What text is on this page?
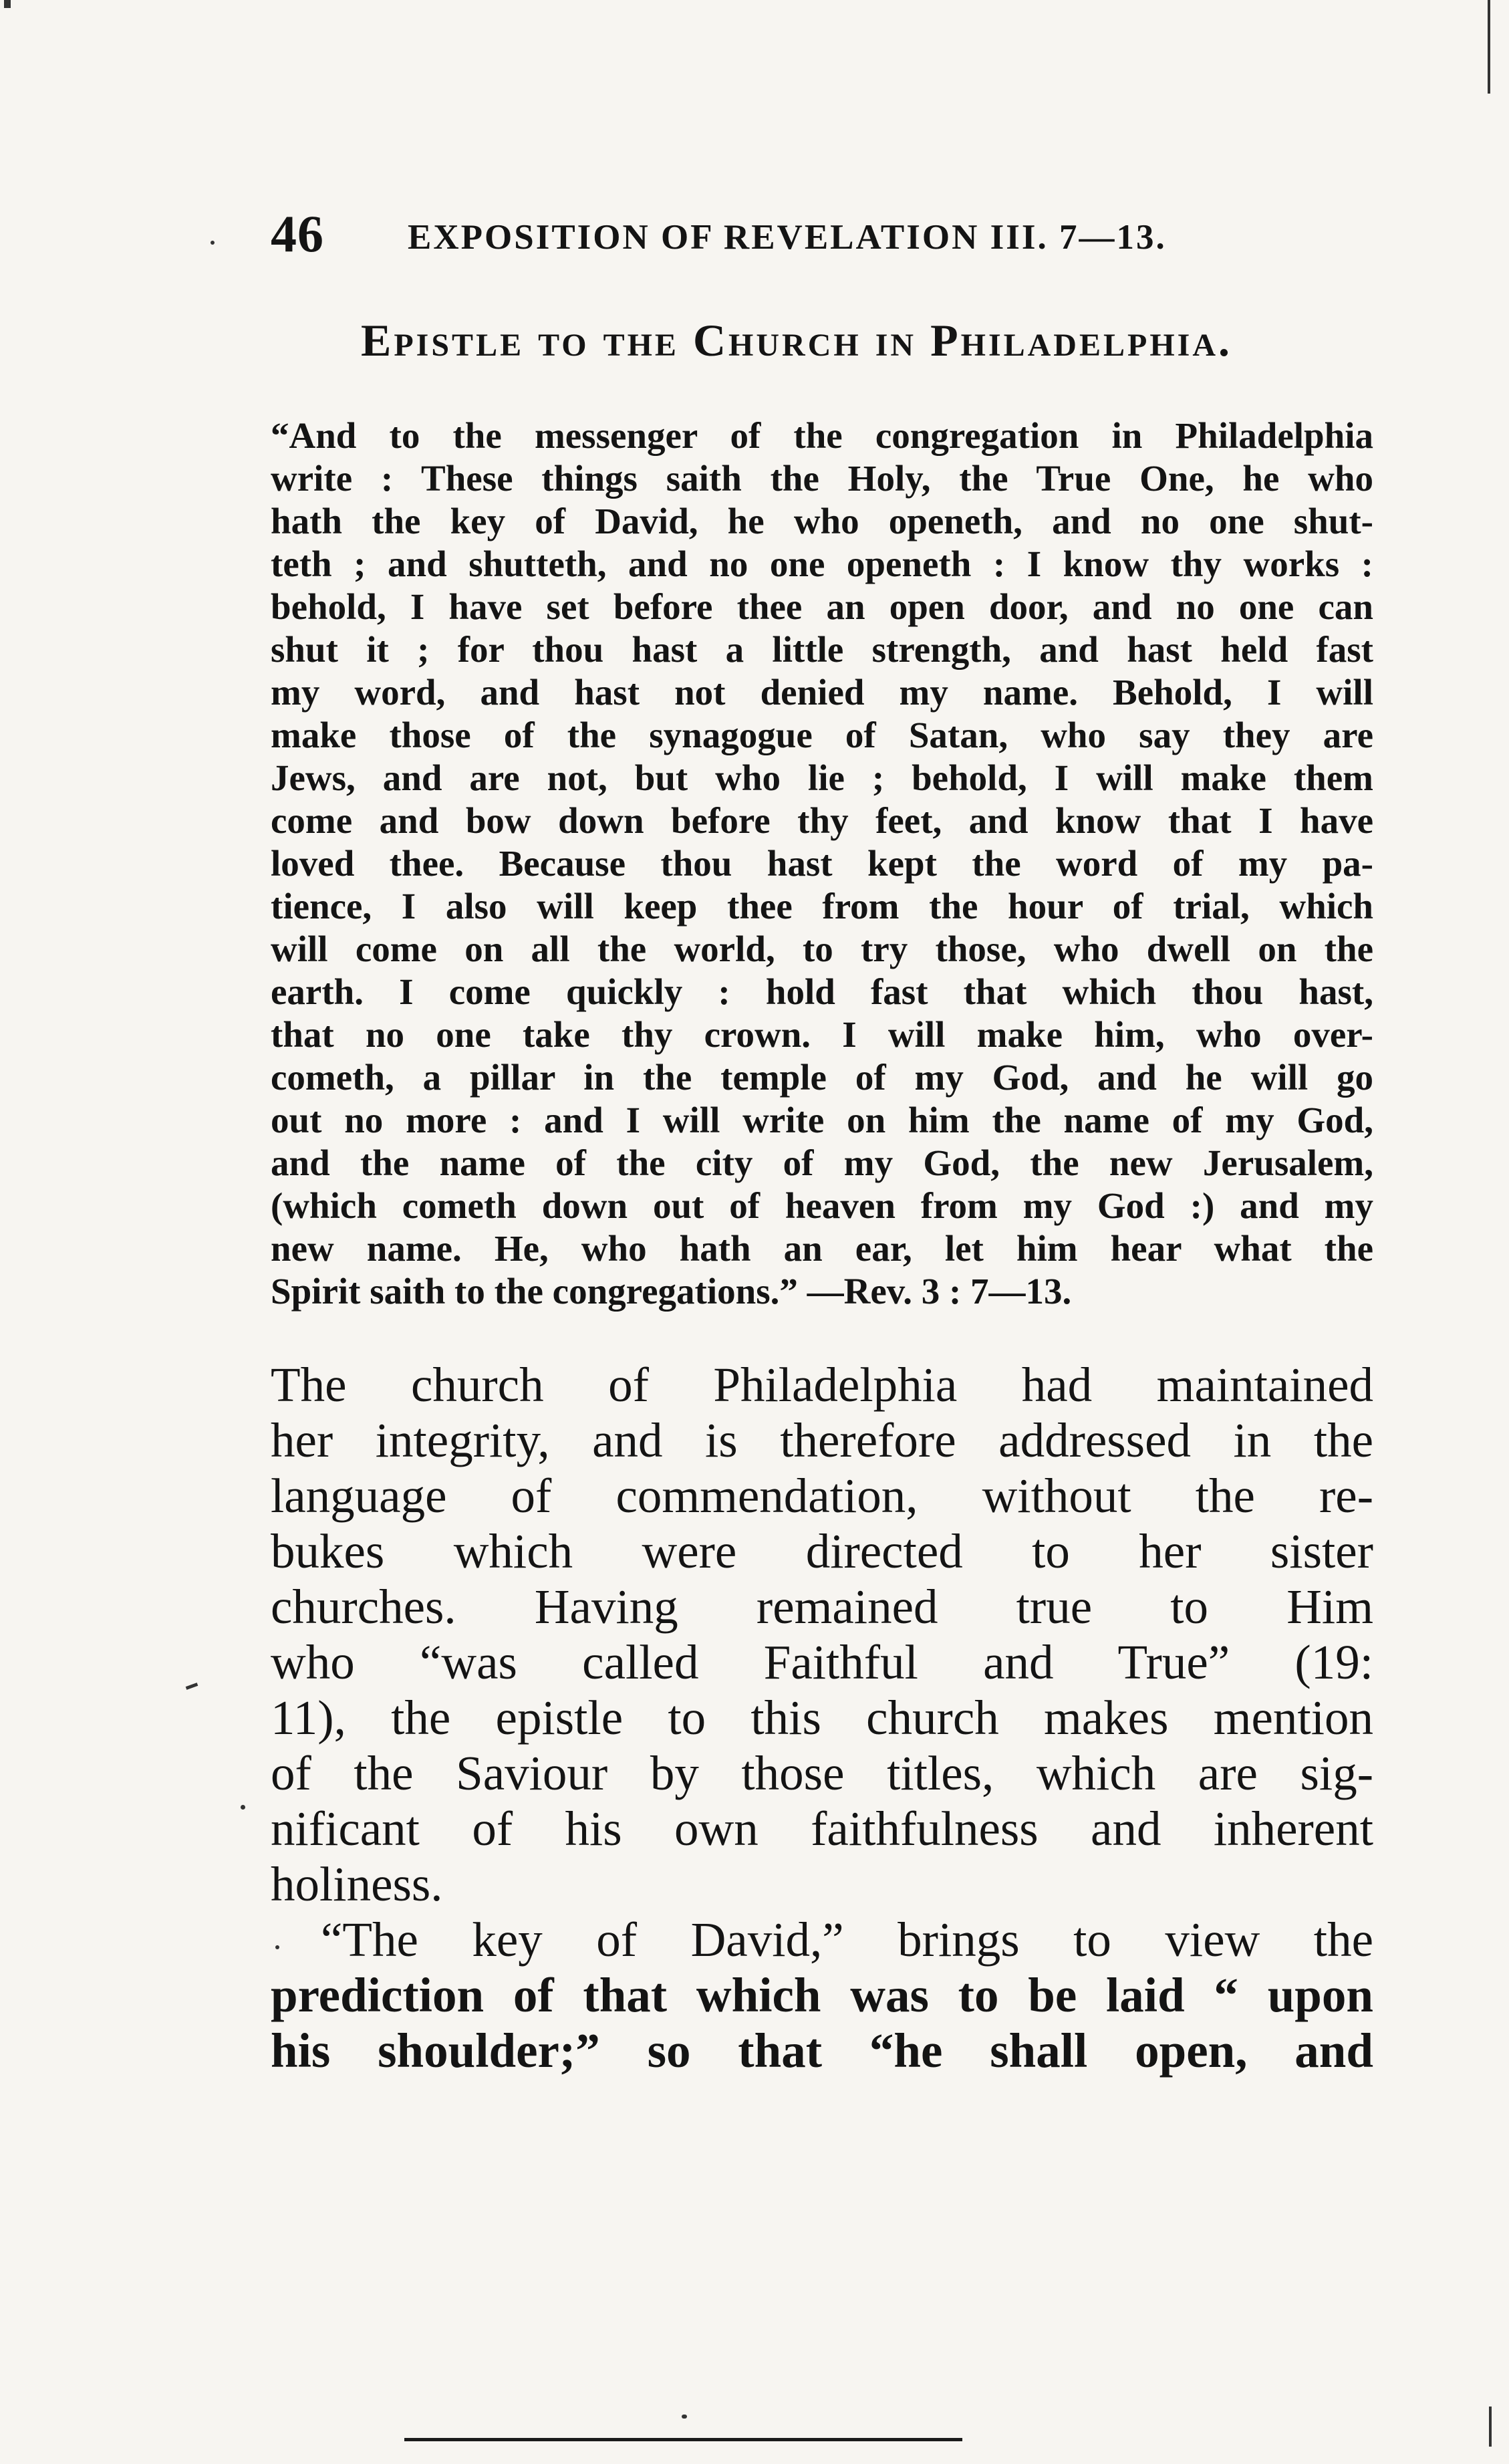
46 EXPOSITION OF REVELATION III. 7—13.
Epistle to the Church in Philadelphia.
“And to the messenger of the congregation in Philadelphia
write : These things saith the Holy, the True One, he who
hath the key of David, he who openeth, and no one shut-
teth ; and shutteth, and no one openeth : I know thy works :
behold, I have set before thee an open door, and no one can
shut it ; for thou hast a little strength, and hast held fast
my word, and hast not denied my name. Behold, I will
make those of the synagogue of Satan, who say they are
Jews, and are not, but who lie ; behold, I will make them
come and bow down before thy feet, and know that I have
loved thee. Because thou hast kept the word of my pa-
tience, I also will keep thee from the hour of trial, which
will come on all the world, to try those, who dwell on the
earth. I come quickly : hold fast that which thou hast,
that no one take thy crown. I will make him, who over-
cometh, a pillar in the temple of my God, and he will go
out no more : and I will write on him the name of my God,
and the name of the city of my God, the new Jerusalem,
(which cometh down out of heaven from my God :) and my
new name. He, who hath an ear, let him hear what the
Spirit saith to the congregations.” —Rev. 3 : 7—13.
The church of Philadelphia had maintained
her integrity, and is therefore addressed in the
language of commendation, without the re-
bukes which were directed to her sister
churches. Having remained true to Him
who “was called Faithful and True” (19:
11), the epistle to this church makes mention
of the Saviour by those titles, which are sig-
nificant of his own faithfulness and inherent
holiness.
“The key of David,” brings to view the
prediction of that which was to be laid “ upon
his shoulder;” so that “he shall open, and
